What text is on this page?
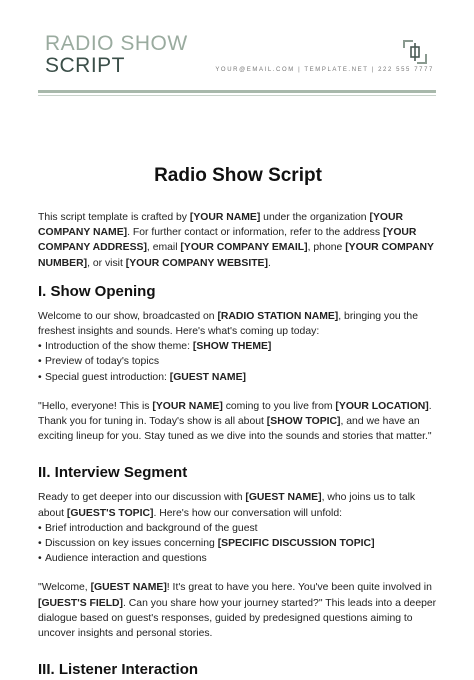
RADIO SHOW
SCRIPT	YOUR@EMAIL.COM | TEMPLATE.NET | 222 555 7777
Radio Show Script

This script template is crafted by [YOUR NAME] under the organization [YOUR COMPANY NAME]. For further contact or information, refer to the address [YOUR COMPANY ADDRESS], email [YOUR COMPANY EMAIL], phone [YOUR COMPANY NUMBER], or visit [YOUR COMPANY WEBSITE].

I. Show Opening

Welcome to our show, broadcasted on [RADIO STATION NAME], bringing you the freshest insights and sounds. Here's what's coming up today:

• Introduction of the show theme: [SHOW THEME]
• Preview of today's topics
• Special guest introduction: [GUEST NAME]

"Hello, everyone! This is [YOUR NAME] coming to you live from [YOUR LOCATION]. Thank you for tuning in. Today's show is all about [SHOW TOPIC], and we have an exciting lineup for you. Stay tuned as we dive into the sounds and stories that matter."

II. Interview Segment

Ready to get deeper into our discussion with [GUEST NAME], who joins us to talk about [GUEST'S TOPIC]. Here's how our conversation will unfold:

• Brief introduction and background of the guest
• Discussion on key issues concerning [SPECIFIC DISCUSSION TOPIC]
• Audience interaction and questions

"Welcome, [GUEST NAME]! It's great to have you here. You've been quite involved in [GUEST'S FIELD]. Can you share how your journey started?" This leads into a deeper dialogue based on guest's responses, guided by predesigned questions aiming to uncover insights and personal stories.

III. Listener Interaction
